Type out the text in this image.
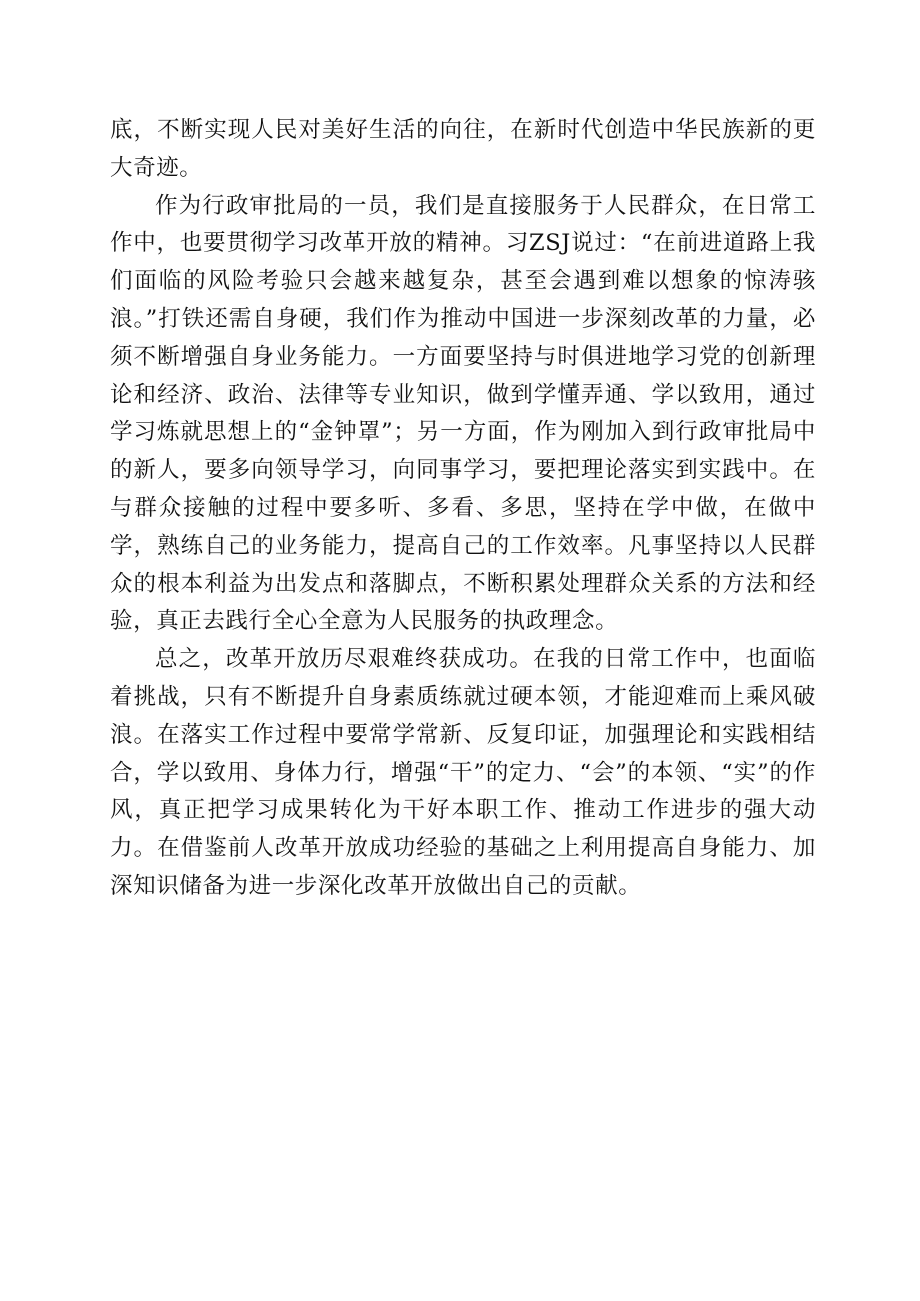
底，不断实现人民对美好生活的向往，在新时代创造中华民族新的更大奇迹。

作为行政审批局的一员，我们是直接服务于人民群众，在日常工作中，也要贯彻学习改革开放的精神。习ZSJ说过：“在前进道路上我们面临的风险考验只会越来越复杂，甚至会遇到难以想象的惊涛骇浪。”打铁还需自身硬，我们作为推动中国进一步深刻改革的力量，必须不断增强自身业务能力。一方面要坚持与时俱进地学习党的创新理论和经济、政治、法律等专业知识，做到学懂弄通、学以致用，通过学习炼就思想上的“金钟罩”；另一方面，作为刚加入到行政审批局中的新人，要多向领导学习，向同事学习，要把理论落实到实践中。在与群众接触的过程中要多听、多看、多思，坚持在学中做，在做中学，熟练自己的业务能力，提高自己的工作效率。凡事坚持以人民群众的根本利益为出发点和落脚点，不断积累处理群众关系的方法和经验，真正去践行全心全意为人民服务的执政理念。

总之，改革开放历尽艰难终获成功。在我的日常工作中，也面临着挑战，只有不断提升自身素质练就过硬本领，才能迎难而上乘风破浪。在落实工作过程中要常学常新、反复印证，加强理论和实践相结合，学以致用、身体力行，增强“干”的定力、“会”的本领、“实”的作风，真正把学习成果转化为干好本职工作、推动工作进步的强大动力。在借鉴前人改革开放成功经验的基础之上利用提高自身能力、加深知识储备为进一步深化改革开放做出自己的贡献。
